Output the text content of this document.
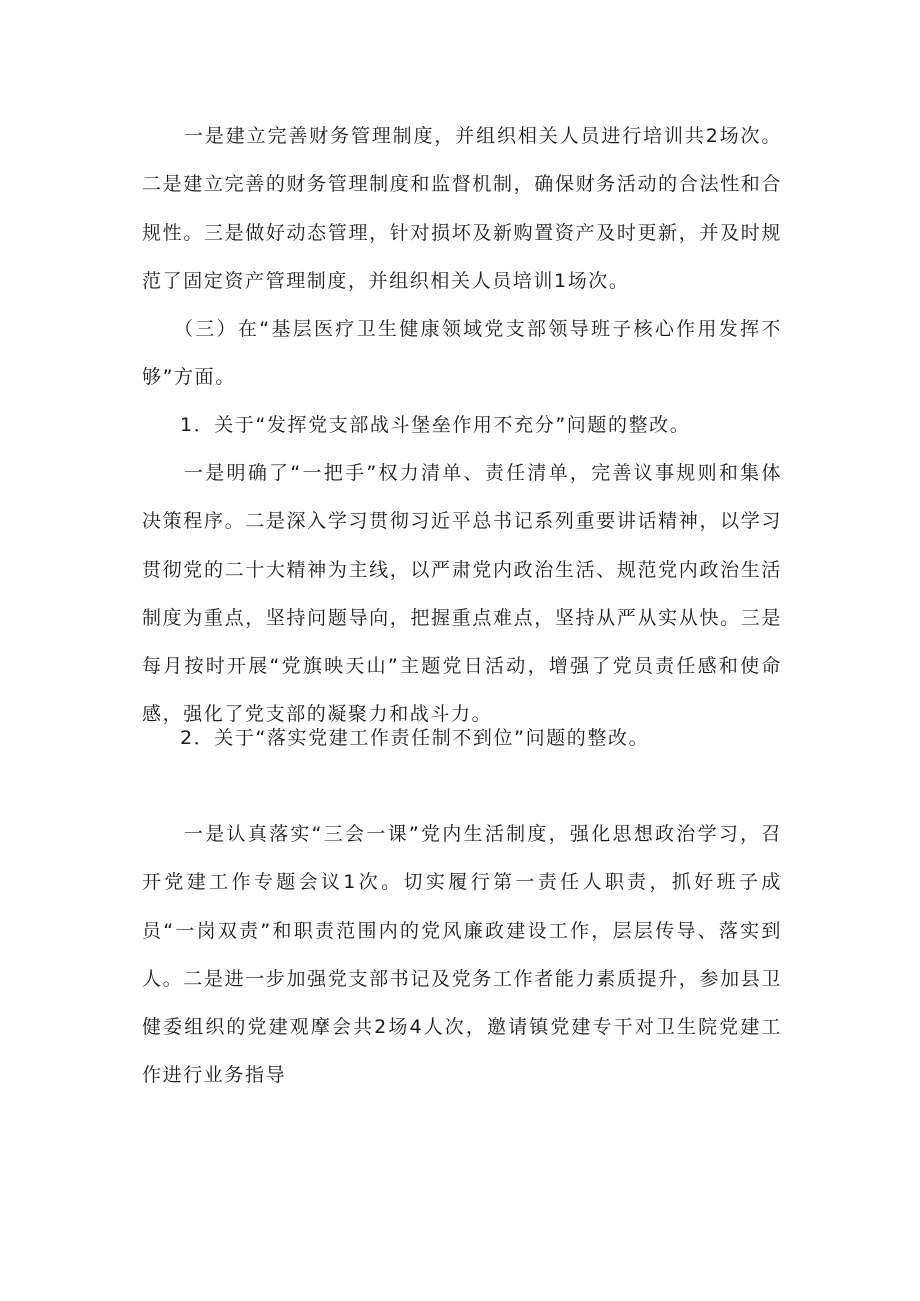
一是建立完善财务管理制度，并组织相关人员进行培训共2场次。二是建立完善的财务管理制度和监督机制，确保财务活动的合法性和合规性。三是做好动态管理，针对损坏及新购置资产及时更新，并及时规范了固定资产管理制度，并组织相关人员培训1场次。

（三）在“基层医疗卫生健康领域党支部领导班子核心作用发挥不够”方面。

1．关于“发挥党支部战斗堡垒作用不充分”问题的整改。

一是明确了“一把手”权力清单、责任清单，完善议事规则和集体决策程序。二是深入学习贯彻习近平总书记系列重要讲话精神，以学习贯彻党的二十大精神为主线，以严肃党内政治生活、规范党内政治生活制度为重点，坚持问题导向，把握重点难点，坚持从严从实从快。三是每月按时开展“党旗映天山”主题党日活动，增强了党员责任感和使命感，强化了党支部的凝聚力和战斗力。

2．关于“落实党建工作责任制不到位”问题的整改。

一是认真落实“三会一课”党内生活制度，强化思想政治学习，召开党建工作专题会议1次。切实履行第一责任人职责，抓好班子成员“一岗双责”和职责范围内的党风廉政建设工作，层层传导、落实到人。二是进一步加强党支部书记及党务工作者能力素质提升，参加县卫健委组织的党建观摩会共2场4人次，邀请镇党建专干对卫生院党建工作进行业务指导
